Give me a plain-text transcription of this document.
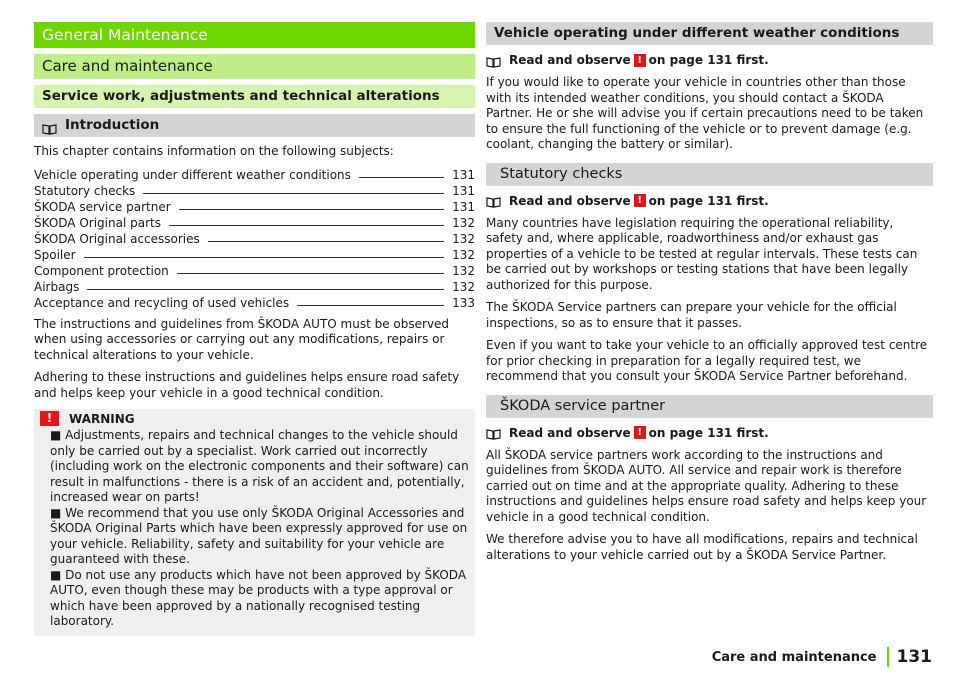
General Maintenance
Care and maintenance
Service work, adjustments and technical alterations
Introduction

This chapter contains information on the following subjects:

Vehicle operating under different weather conditions	131
Statutory checks	131
ŠKODA service partner	131
ŠKODA Original parts	132
ŠKODA Original accessories	132
Spoiler	132
Component protection	132
Airbags	132
Acceptance and recycling of used vehicles	133

The instructions and guidelines from ŠKODA AUTO must be observed when using accessories or carrying out any modifications, repairs or technical alterations to your vehicle.

Adhering to these instructions and guidelines helps ensure road safety and helps keep your vehicle in a good technical condition.

!	WARNING

■ Adjustments, repairs and technical changes to the vehicle should only be carried out by a specialist. Work carried out incorrectly (including work on the electronic components and their software) can result in malfunctions - there is a risk of an accident and, potentially, increased wear on parts!

■ We recommend that you use only ŠKODA Original Accessories and ŠKODA Original Parts which have been expressly approved for use on your vehicle. Reliability, safety and suitability for your vehicle are guaranteed with these.

■ Do not use any products which have not been approved by ŠKODA AUTO, even though these may be products with a type approval or which have been approved by a nationally recognised testing laboratory.

Vehicle operating under different weather conditions
Read and observe ! on page 131 first.

If you would like to operate your vehicle in countries other than those with its intended weather conditions, you should contact a ŠKODA Partner. He or she will advise you if certain precautions need to be taken to ensure the full functioning of the vehicle or to prevent damage (e.g. coolant, changing the battery or similar).

Statutory checks
Read and observe ! on page 131 first.

Many countries have legislation requiring the operational reliability, safety and, where applicable, roadworthiness and/or exhaust gas properties of a vehicle to be tested at regular intervals. These tests can be carried out by workshops or testing stations that have been legally authorized for this purpose.

The ŠKODA Service partners can prepare your vehicle for the official inspections, so as to ensure that it passes.

Even if you want to take your vehicle to an officially approved test centre for prior checking in preparation for a legally required test, we recommend that you consult your ŠKODA Service Partner beforehand.

ŠKODA service partner
Read and observe ! on page 131 first.

All ŠKODA service partners work according to the instructions and guidelines from ŠKODA AUTO. All service and repair work is therefore carried out on time and at the appropriate quality. Adhering to these instructions and guidelines helps ensure road safety and helps keep your vehicle in a good technical condition.

We therefore advise you to have all modifications, repairs and technical alterations to your vehicle carried out by a ŠKODA Service Partner.

Care and maintenance	131
